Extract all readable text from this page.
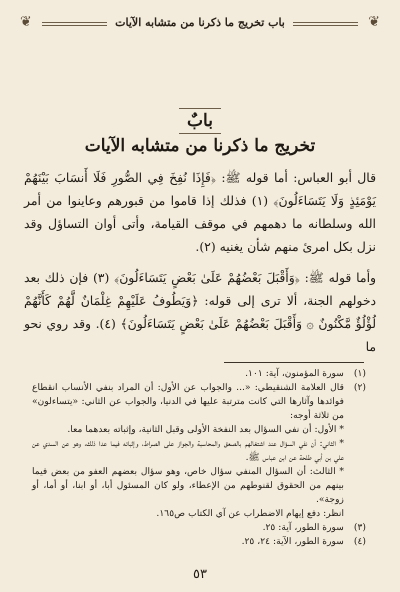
❦
باب تخريج ما ذكرنا من متشابه الآيات
❦
بابٌ
تخريج ما ذكرنا من متشابه الآيات

قال أبو العباس: أما قوله ﷺ: ﴿فَإِذَا نُفِخَ فِي الصُّورِ فَلَا أَنسَابَ بَيْنَهُمْ يَوْمَئِذٍ وَلَا يَتَسَاءَلُونَ﴾ (١) فذلك إذا قاموا من قبورهم وعاينوا من أمر الله وسلطانه ما دهمهم في موقف القيامة، وأتى أوان التساؤل وقد نزل بكل امرئ منهم شأن يغنيه (٢).

وأما قوله ﷺ: ﴿وَأَقْبَلَ بَعْضُهُمْ عَلَىٰ بَعْضٍ يَتَسَاءَلُونَ﴾ (٣) فإن ذلك بعد دخولهم الجنة، ألا ترى إلى قوله: ﴿وَيَطُوفُ عَلَيْهِمْ غِلْمَانٌ لَّهُمْ كَأَنَّهُمْ لُؤْلُؤٌ مَّكْنُونٌ ۞ وَأَقْبَلَ بَعْضُهُمْ عَلَىٰ بَعْضٍ يَتَسَاءَلُونَ﴾ (٤). وقد روي نحو ما

(١)
سورة المؤمنون، آية: ١٠١.
(٢)
قال العلامة الشنقيطي: «... والجواب عن الأول: أن المراد بنفي الأنساب انقطاع فوائدها وآثارها التي كانت مترتبة عليها في الدنيا، والجواب عن الثاني: «يتساءلون» من ثلاثة أوجه:
* الأول: أن نفي السؤال بعد النفخة الأولى وقبل الثانية، وإثباته بعدهما معا.
* الثاني: أن نفي السؤال عند اشتغالهم بالصعق والمحاسبة والجواز على الصراط، وإثباته فيما عدا ذلك، وهو عن السدي عن علي بن أبي طلحة عن ابن عباس ﷺ.
* الثالث: أن السؤال المنفي سؤال خاص، وهو سؤال بعضهم العفو من بعض فيما بينهم من الحقوق لقنوطهم من الإعطاء، ولو كان المسئول أبا، أو ابنا، أو أما، أو زوجة».
انظر: دفع إيهام الاضطراب عن آي الكتاب ص١٦٥.
(٣)
سورة الطور، آية: ٢٥.
(٤)
سورة الطور، الآية: ٢٤، ٢٥.
٥٣
